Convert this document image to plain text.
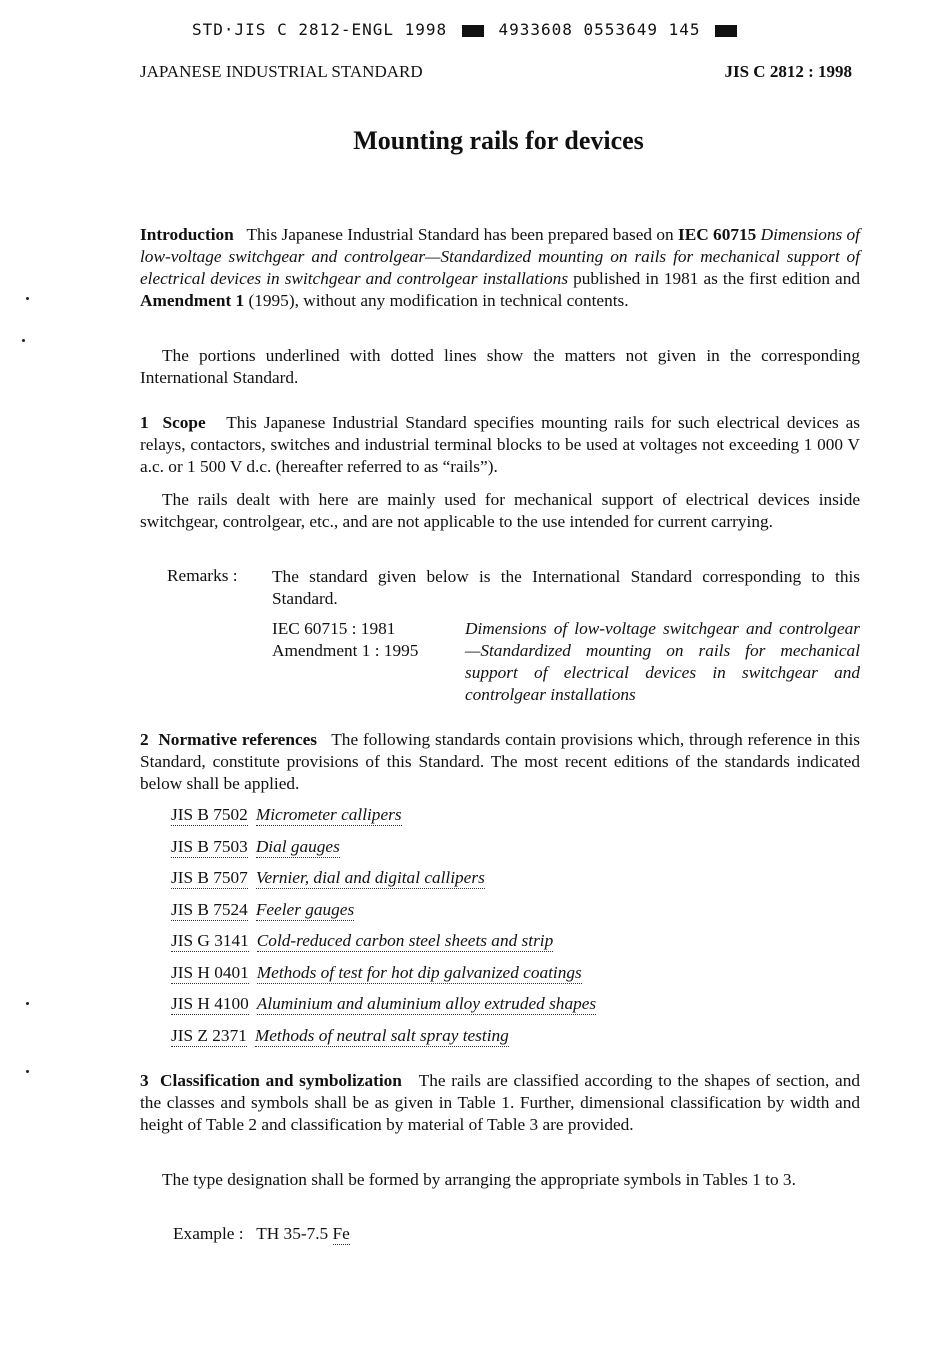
STD·JIS C 2812-ENGL 1998	4933608 0553649 145
JAPANESE INDUSTRIAL STANDARD	JIS C 2812 : 1998
Mounting rails for devices
Introduction This Japanese Industrial Standard has been prepared based on IEC 60715 Dimensions of low-voltage switchgear and controlgear—Standardized mounting on rails for mechanical support of electrical devices in switchgear and controlgear installations published in 1981 as the first edition and Amendment 1 (1995), without any modification in technical contents.
The portions underlined with dotted lines show the matters not given in the corresponding International Standard.
1 Scope This Japanese Industrial Standard specifies mounting rails for such electrical devices as relays, contactors, switches and industrial terminal blocks to be used at voltages not exceeding 1 000 V a.c. or 1 500 V d.c. (hereafter referred to as “rails”).
The rails dealt with here are mainly used for mechanical support of electrical devices inside switchgear, controlgear, etc., and are not applicable to the use intended for current carrying.
Remarks : The standard given below is the International Standard corresponding to this Standard.
IEC 60715 : 1981
Amendment 1 : 1995
Dimensions of low-voltage switchgear and controlgear—Standardized mounting on rails for mechanical support of electrical devices in switchgear and controlgear installations
2 Normative references The following standards contain provisions which, through reference in this Standard, constitute provisions of this Standard. The most recent editions of the standards indicated below shall be applied.
JIS B 7502 Micrometer callipers
JIS B 7503 Dial gauges
JIS B 7507 Vernier, dial and digital callipers
JIS B 7524 Feeler gauges
JIS G 3141 Cold-reduced carbon steel sheets and strip
JIS H 0401 Methods of test for hot dip galvanized coatings
JIS H 4100 Aluminium and aluminium alloy extruded shapes
JIS Z 2371 Methods of neutral salt spray testing
3 Classification and symbolization The rails are classified according to the shapes of section, and the classes and symbols shall be as given in Table 1. Further, dimensional classification by width and height of Table 2 and classification by material of Table 3 are provided.
The type designation shall be formed by arranging the appropriate symbols in Tables 1 to 3.
Example : TH 35-7.5 Fe
